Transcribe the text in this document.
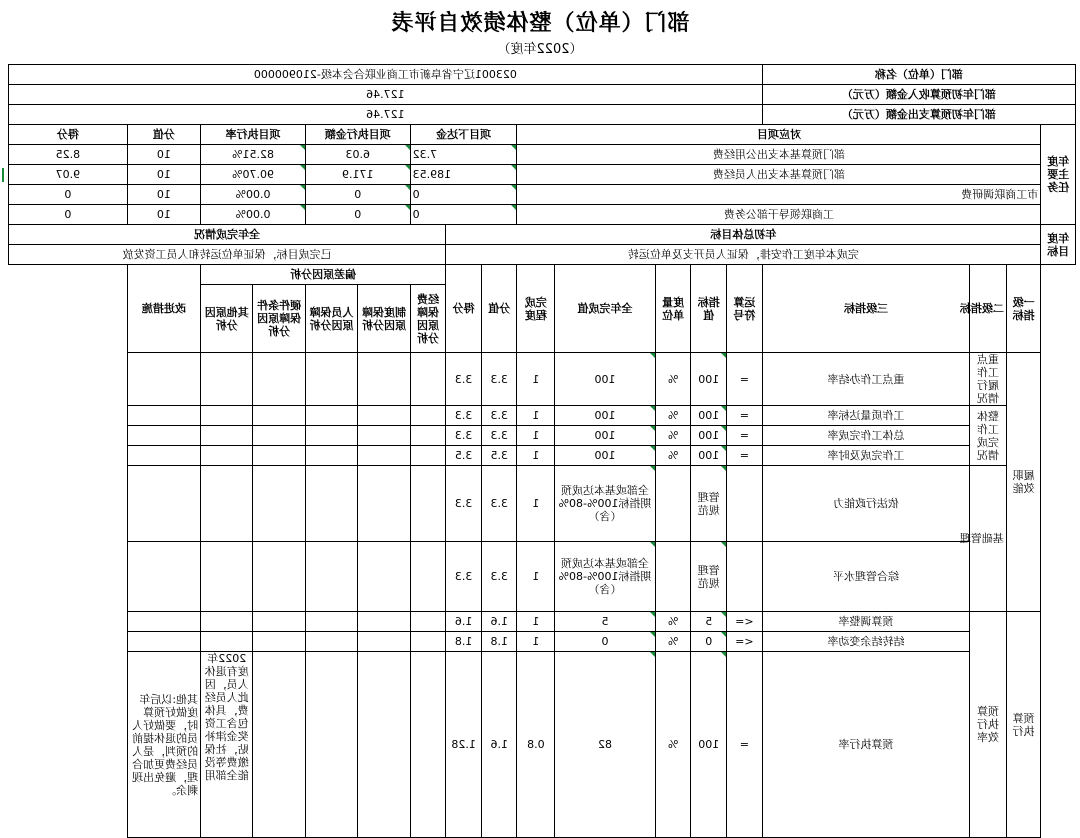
部门（单位）整体绩效自评表
（2022年度）
部门（单位）名称				023001辽宁省阜新市工商业联合会本级-210900000													
部门年初预算收入金额（万元）				127.46													
部门年初预算支出金额（万元）				127.46													
年度主要任务	对应项目								项目下达金			项目执行金额		项目执行率		分值	得分
	部门预算基本支出公用经费								7.32			6.03		82.51%		10	8.25
	部门预算基本支出人员经费								189.53			171.9		90.70%		10	9.07
	市工商联调研费								0			0		0.00%		10	0
	工商联领导干部公务费								0			0		0.00%		10	0
年度目标	年初总体目标										全年完成情况						
	完成本年度工作安排，保证人员开支及单位运转										已完成目标，保证单位运转和人员工资发放						
	一级指标	二级指标	三级指标	运算符号	指标值	度量单位	全年完成值	完成程度	分值	得分	偏差原因分析					改进措施	
											经费保障原因分析	制度保障原因分析	人员保障原因分析	硬件条件保障原因分析	其他原因分析		
	履职效能	重点工作履行情况	重点工作办结率	=	100	%	100	1	3.3	3.3							
		整体工作完成情况	工作质量达标率	=	100	%	100	1	3.3	3.3							
			总体工作完成率	=	100	%	100	1	3.3	3.3							
			工作完成及时率	=	100	%	100	1	3.5	3.5							
		基础管理	依法行政能力		管理规范		全部或基本达成预期指标100%-80%（含）	1	3.3	3.3							
			综合管理水平		管理规范		全部或基本达成预期指标100%-80%（含）	1	3.3	3.3							
	预算执行	预算执行效率	预算调整率	<=	5	%	5	1	1.6	1.6							
			结转结余变动率	<=	0	%	0	1	1.8	1.8							
			预算执行率	=	100	%	82	0.8	1.6	1.28					2022年度有退休人员，因此人员经费，具体包含工资奖金津补贴，社保缴费等没能全部用	其他:以后年度做好预算时，要做好人员的退休提前的预判，是人员经费更加合理，避免出现剩余。	
